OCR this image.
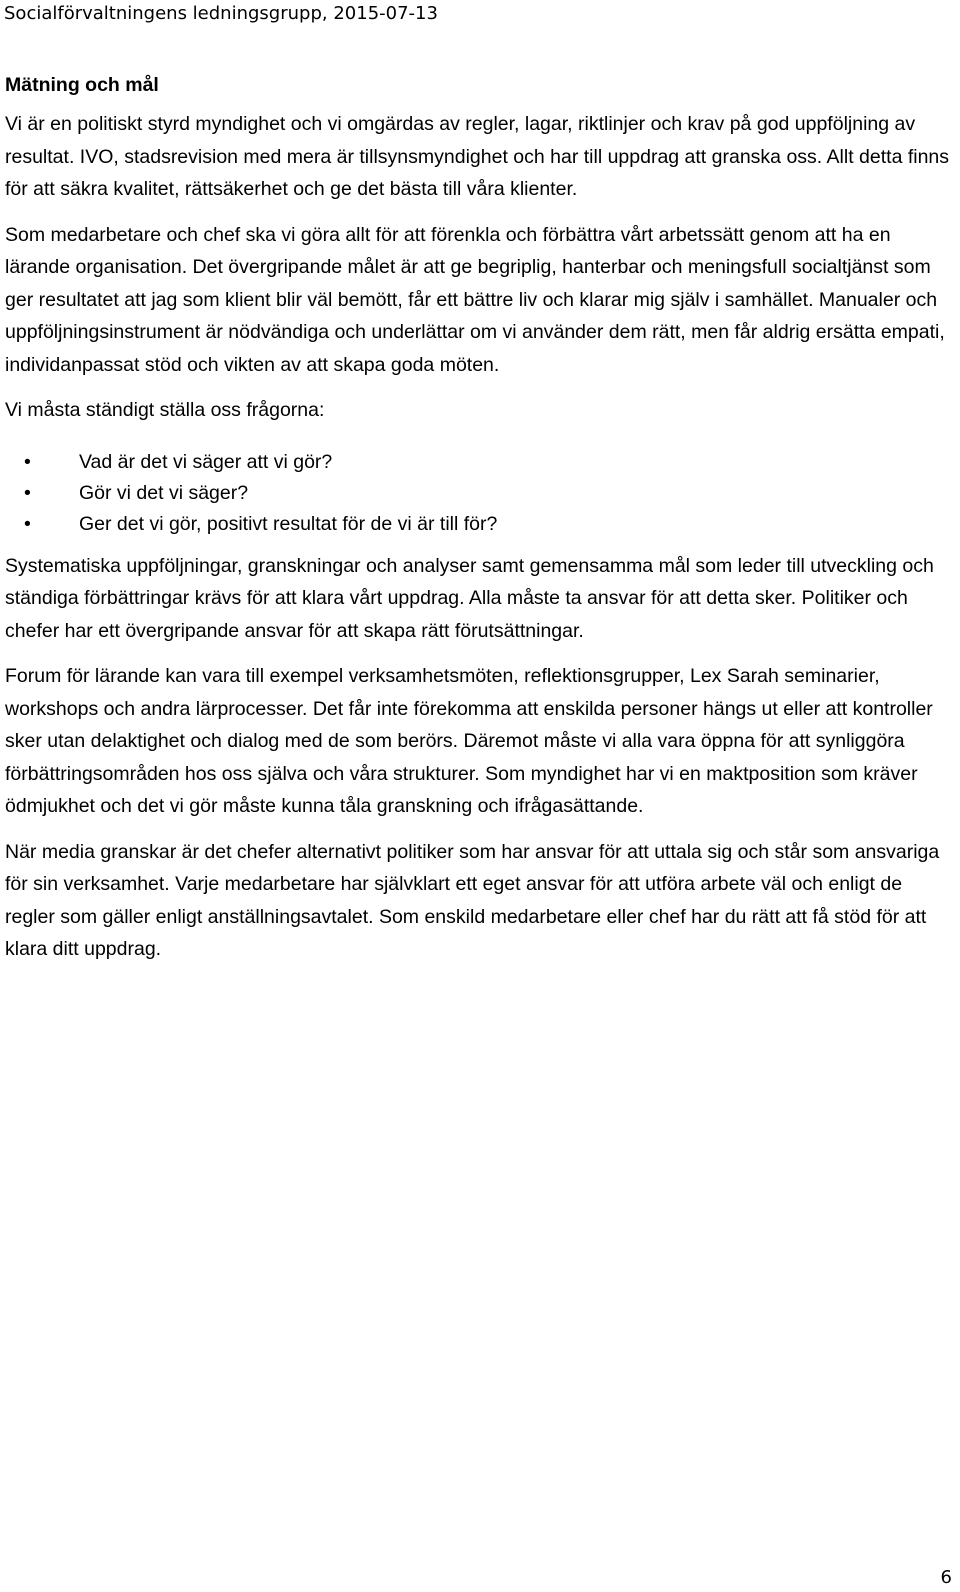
Socialförvaltningens ledningsgrupp, 2015-07-13
Mätning och mål

Vi är en politiskt styrd myndighet och vi omgärdas av regler, lagar, riktlinjer och krav på god uppföljning av resultat. IVO, stadsrevision med mera är tillsynsmyndighet och har till uppdrag att granska oss. Allt detta finns för att säkra kvalitet, rättsäkerhet och ge det bästa till våra klienter.

Som medarbetare och chef ska vi göra allt för att förenkla och förbättra vårt arbetssätt genom att ha en lärande organisation. Det övergripande målet är att ge begriplig, hanterbar och meningsfull socialtjänst som ger resultatet att jag som klient blir väl bemött, får ett bättre liv och klarar mig själv i samhället. Manualer och uppföljningsinstrument är nödvändiga och underlättar om vi använder dem rätt, men får aldrig ersätta empati, individanpassat stöd och vikten av att skapa goda möten.

Vi måsta ständigt ställa oss frågorna:

• Vad är det vi säger att vi gör?
• Gör vi det vi säger?
• Ger det vi gör, positivt resultat för de vi är till för?

Systematiska uppföljningar, granskningar och analyser samt gemensamma mål som leder till utveckling och ständiga förbättringar krävs för att klara vårt uppdrag. Alla måste ta ansvar för att detta sker. Politiker och chefer har ett övergripande ansvar för att skapa rätt förutsättningar.

Forum för lärande kan vara till exempel verksamhetsmöten, reflektionsgrupper, Lex Sarah seminarier, workshops och andra lärprocesser. Det får inte förekomma att enskilda personer hängs ut eller att kontroller sker utan delaktighet och dialog med de som berörs. Däremot måste vi alla vara öppna för att synliggöra förbättringsområden hos oss själva och våra strukturer. Som myndighet har vi en maktposition som kräver ödmjukhet och det vi gör måste kunna tåla granskning och ifrågasättande.

När media granskar är det chefer alternativt politiker som har ansvar för att uttala sig och står som ansvariga för sin verksamhet. Varje medarbetare har självklart ett eget ansvar för att utföra arbete väl och enligt de regler som gäller enligt anställningsavtalet. Som enskild medarbetare eller chef har du rätt att få stöd för att klara ditt uppdrag.

6
